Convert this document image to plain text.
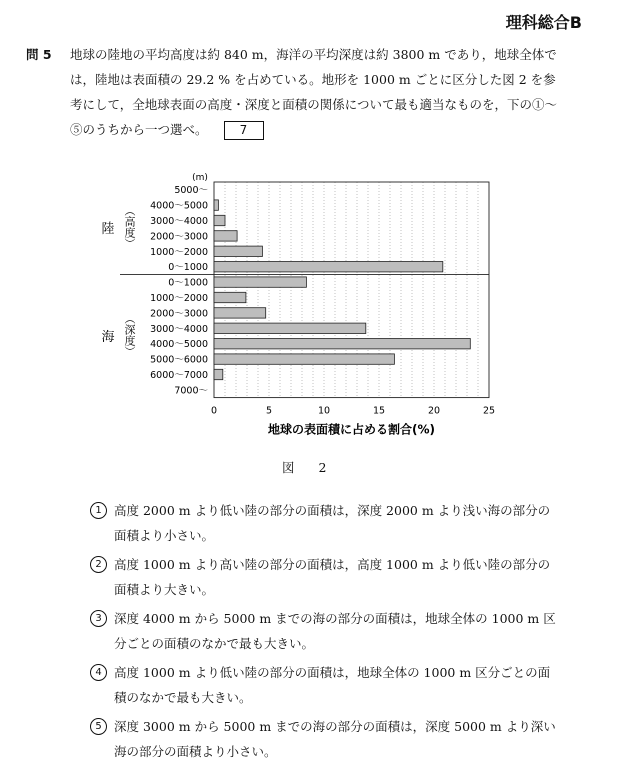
理科総合B
問 5 地球の陸地の平均高度は約 840 m，海洋の平均深度は約 3800 m であり，地球全体では，陸地は表面積の 29.2 % を占めている。地形を 1000 m ごとに区分した図 2 を参考にして，全地球表面の高度・深度と面積の関係について最も適当なものを，下の①～⑤のうちから一つ選べ。	7
(m)
5000～
4000～5000
3000～4000
2000～3000
1000～2000
0～1000
陸
︵
高
度
︶
0～1000
1000～2000
2000～3000
3000～4000
4000～5000
5000～6000
6000～7000
7000～
海
︵
深
度
︶
0	5	10	15	20	25
地球の表面積に占める割合(%)
図 2
1 高度 2000 m より低い陸の部分の面積は，深度 2000 m より浅い海の部分の面積より小さい。
2 高度 1000 m より高い陸の部分の面積は，高度 1000 m より低い陸の部分の面積より大きい。
3 深度 4000 m から 5000 m までの海の部分の面積は，地球全体の 1000 m 区分ごとの面積のなかで最も大きい。
4 高度 1000 m より低い陸の部分の面積は，地球全体の 1000 m 区分ごとの面積のなかで最も大きい。
5 深度 3000 m から 5000 m までの海の部分の面積は，深度 5000 m より深い海の部分の面積より小さい。
